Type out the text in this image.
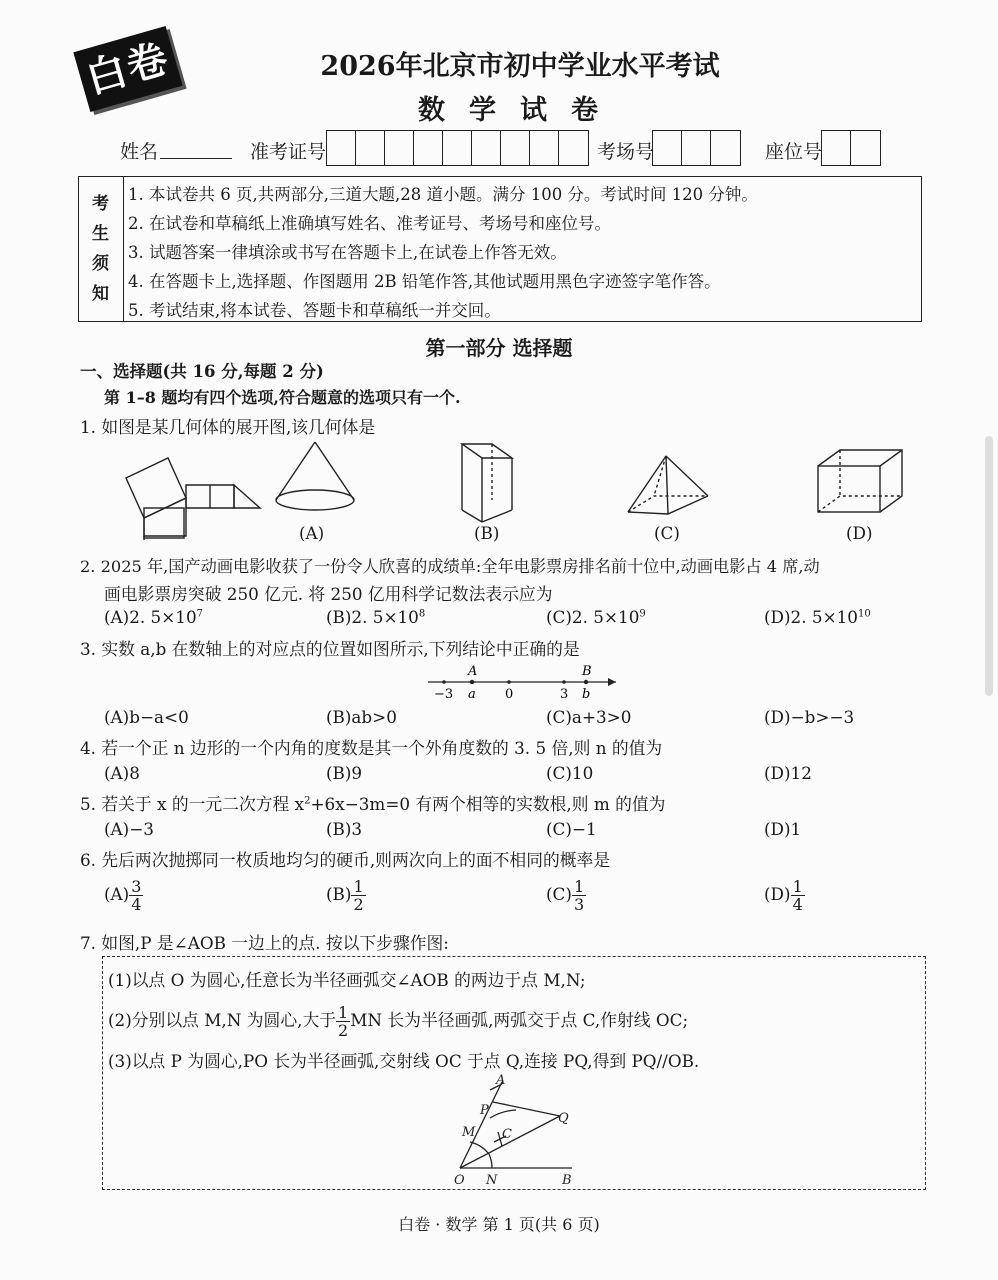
白卷	2026年北京市初中学业水平考试
数学试卷
姓名	准考证号	考场号	座位号
考
生
须
知
1. 本试卷共 6 页,共两部分,三道大题,28 道小题。满分 100 分。考试时间 120 分钟。
2. 在试卷和草稿纸上准确填写姓名、准考证号、考场号和座位号。
3. 试题答案一律填涂或书写在答题卡上,在试卷上作答无效。
4. 在答题卡上,选择题、作图题用 2B 铅笔作答,其他试题用黑色字迹签字笔作答。
5. 考试结束,将本试卷、答题卡和草稿纸一并交回。
第一部分 选择题
一、选择题(共 16 分,每题 2 分)
第 1–8 题均有四个选项,符合题意的选项只有一个.
1. 如图是某几何体的展开图,该几何体是
(A)	(B)	(C)	(D)
2. 2025 年,国产动画电影收获了一份令人欣喜的成绩单:全年电影票房排名前十位中,动画电影占 4 席,动
画电影票房突破 250 亿元. 将 250 亿用科学记数法表示应为
(A)2. $5\times 10^7$	(B)2. $5\times 10^8$	(C)2. $5\times 10^9$	(D)2. $5\times 10^{10}$
3. 实数 a,b 在数轴上的对应点的位置如图所示,下列结论中正确的是
A	B
−3 a 0	3 b
(A)b−a<0	(B)ab>0	(C)a+3>0	(D)−b>−3
4. 若一个正 n 边形的一个内角的度数是其一个外角度数的 3. 5 倍,则 n 的值为
(A)8	(B)9	(C)10	(D)12
5. 若关于 x 的一元二次方程 $x^2+6x-3m=0$ 有两个相等的实数根,则 m 的值为
(A)−3	(B)3	(C)−1	(D)1
6. 先后两次抛掷同一枚质地均匀的硬币,则两次向上的面不相同的概率是
$(A) \frac{3}{4}$	$(B) \frac{1}{2}$	$(C) \frac{1}{3}$	$(D) \frac{1}{4}$
7. 如图,P 是∠AOB 一边上的点. 按以下步骤作图:
(1)以点 O 为圆心,任意长为半径画弧交∠AOB 的两边于点 M,N;
(2)分别以点 M,N 为圆心,大于 $\frac{1}{2}$ MN 长为半径画弧,两弧交于点 C,作射线 OC;
(3)以点 P 为圆心,PO 长为半径画弧,交射线 OC 于点 Q,连接 PQ,得到 PQ//OB.
A
P
Q
M C
O N	B
白卷 · 数学 第 1 页(共 6 页)
